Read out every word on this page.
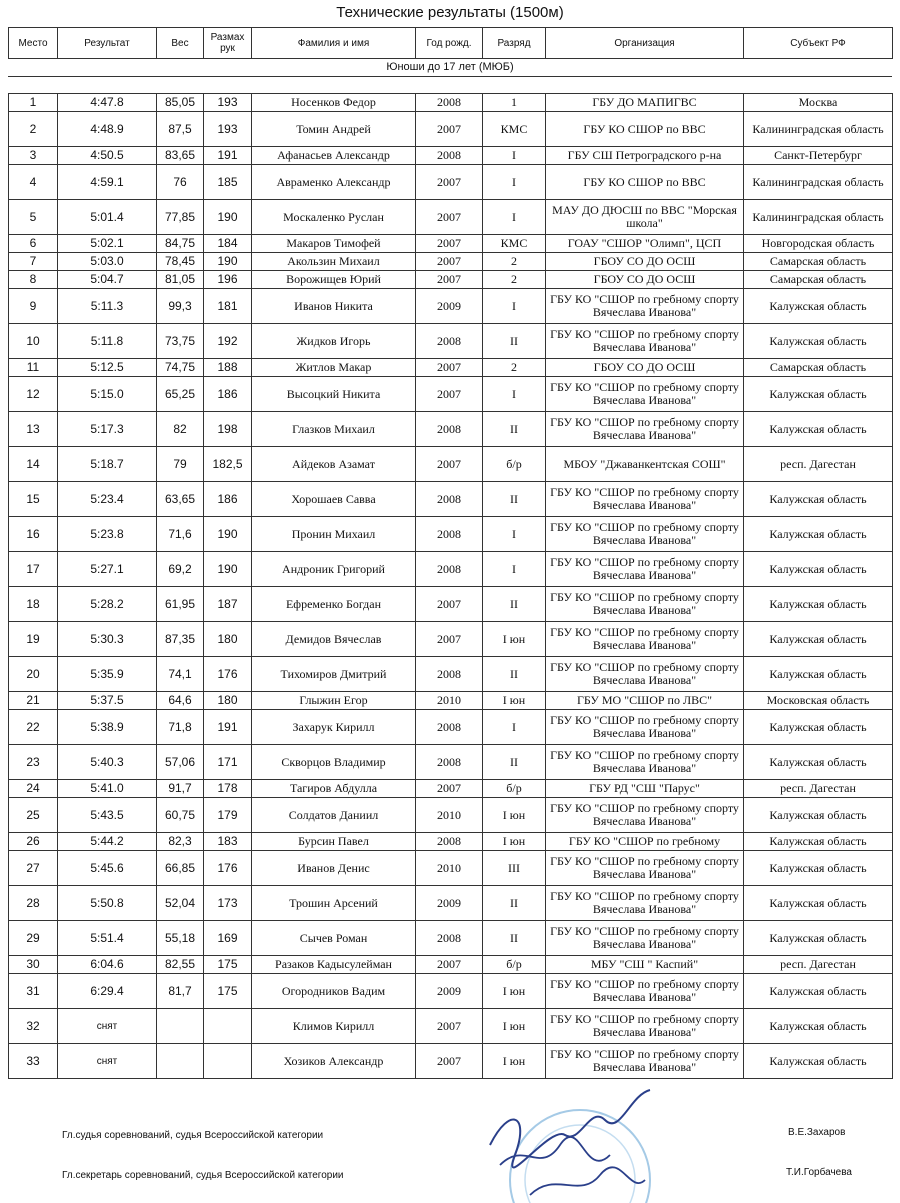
Технические результаты (1500м)
Место	Результат	Вес	Размах рук	Фамилия и имя	Год рожд.	Разряд	Организация	Субъект РФ
Юноши до 17 лет (МЮБ)
1	4:47.8	85,05	193	Носенков Федор	2008	1	ГБУ ДО МАПИГВС	Москва
2	4:48.9	87,5	193	Томин Андрей	2007	КМС	ГБУ КО СШОР по ВВС	Калининградская область
3	4:50.5	83,65	191	Афанасьев Александр	2008	I	ГБУ СШ Петроградского р-на	Санкт-Петербург
4	4:59.1	76	185	Авраменко Александр	2007	I	ГБУ КО СШОР по ВВС	Калининградская область
5	5:01.4	77,85	190	Москаленко Руслан	2007	I	МАУ ДО ДЮСШ по ВВС "Морская школа"	Калининградская область
6	5:02.1	84,75	184	Макаров Тимофей	2007	КМС	ГОАУ "СШОР "Олимп", ЦСП	Новгородская область
7	5:03.0	78,45	190	Акользин Михаил	2007	2	ГБОУ СО ДО ОСШ	Самарская область
8	5:04.7	81,05	196	Ворожищев Юрий	2007	2	ГБОУ СО ДО ОСШ	Самарская область
9	5:11.3	99,3	181	Иванов Никита	2009	I	ГБУ КО "СШОР по гребному спорту Вячеслава Иванова"	Калужская область
10	5:11.8	73,75	192	Жидков Игорь	2008	II	ГБУ КО "СШОР по гребному спорту Вячеслава Иванова"	Калужская область
11	5:12.5	74,75	188	Житлов Макар	2007	2	ГБОУ СО ДО ОСШ	Самарская область
12	5:15.0	65,25	186	Высоцкий Никита	2007	I	ГБУ КО "СШОР по гребному спорту Вячеслава Иванова"	Калужская область
13	5:17.3	82	198	Глазков Михаил	2008	II	ГБУ КО "СШОР по гребному спорту Вячеслава Иванова"	Калужская область
14	5:18.7	79	182,5	Айдеков Азамат	2007	б/р	МБОУ "Джаванкентская СОШ"	респ. Дагестан
15	5:23.4	63,65	186	Хорошаев Савва	2008	II	ГБУ КО "СШОР по гребному спорту Вячеслава Иванова"	Калужская область
16	5:23.8	71,6	190	Пронин Михаил	2008	I	ГБУ КО "СШОР по гребному спорту Вячеслава Иванова"	Калужская область
17	5:27.1	69,2	190	Андроник Григорий	2008	I	ГБУ КО "СШОР по гребному спорту Вячеслава Иванова"	Калужская область
18	5:28.2	61,95	187	Ефременко Богдан	2007	II	ГБУ КО "СШОР по гребному спорту Вячеслава Иванова"	Калужская область
19	5:30.3	87,35	180	Демидов Вячеслав	2007	I юн	ГБУ КО "СШОР по гребному спорту Вячеслава Иванова"	Калужская область
20	5:35.9	74,1	176	Тихомиров Дмитрий	2008	II	ГБУ КО "СШОР по гребному спорту Вячеслава Иванова"	Калужская область
21	5:37.5	64,6	180	Глыжин Егор	2010	I юн	ГБУ МО "СШОР по ЛВС"	Московская область
22	5:38.9	71,8	191	Захарук Кирилл	2008	I	ГБУ КО "СШОР по гребному спорту Вячеслава Иванова"	Калужская область
23	5:40.3	57,06	171	Скворцов Владимир	2008	II	ГБУ КО "СШОР по гребному спорту Вячеслава Иванова"	Калужская область
24	5:41.0	91,7	178	Тагиров Абдулла	2007	б/р	ГБУ РД "СШ "Парус"	респ. Дагестан
25	5:43.5	60,75	179	Солдатов Даниил	2010	I юн	ГБУ КО "СШОР по гребному спорту Вячеслава Иванова"	Калужская область
26	5:44.2	82,3	183	Бурсин Павел	2008	I юн	ГБУ КО "СШОР по гребному	Калужская область
27	5:45.6	66,85	176	Иванов Денис	2010	III	ГБУ КО "СШОР по гребному спорту Вячеслава Иванова"	Калужская область
28	5:50.8	52,04	173	Трошин Арсений	2009	II	ГБУ КО "СШОР по гребному спорту Вячеслава Иванова"	Калужская область
29	5:51.4	55,18	169	Сычев Роман	2008	II	ГБУ КО "СШОР по гребному спорту Вячеслава Иванова"	Калужская область
30	6:04.6	82,55	175	Разаков Кадысулейман	2007	б/р	МБУ "СШ " Каспий"	респ. Дагестан
31	6:29.4	81,7	175	Огородников Вадим	2009	I юн	ГБУ КО "СШОР по гребному спорту Вячеслава Иванова"	Калужская область
32	снят			Климов Кирилл	2007	I юн	ГБУ КО "СШОР по гребному спорту Вячеслава Иванова"	Калужская область
33	снят			Хозиков Александр	2007	I юн	ГБУ КО "СШОР по гребному спорту Вячеслава Иванова"	Калужская область
Гл.судья соревнований, судья Всероссийской категории	В.Е.Захаров
Гл.секретарь соревнований, судья Всероссийской категории	Т.И.Горбачева
